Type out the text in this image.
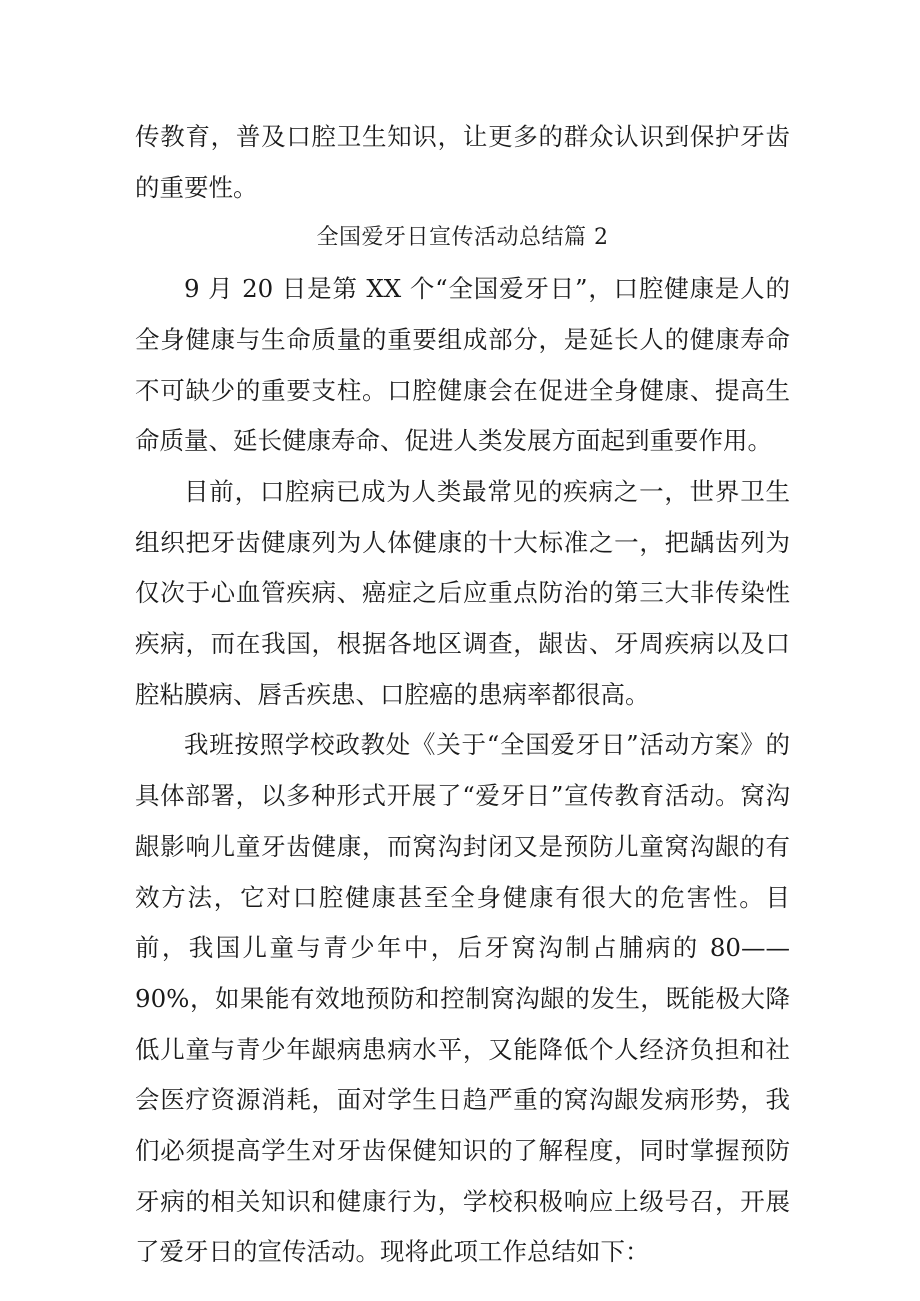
传教育，普及口腔卫生知识，让更多的群众认识到保护牙齿的重要性。

全国爱牙日宣传活动总结篇 2

9 月 20 日是第 XX 个“全国爱牙日”，口腔健康是人的全身健康与生命质量的重要组成部分，是延长人的健康寿命不可缺少的重要支柱。口腔健康会在促进全身健康、提高生命质量、延长健康寿命、促进人类发展方面起到重要作用。

目前，口腔病已成为人类最常见的疾病之一，世界卫生组织把牙齿健康列为人体健康的十大标准之一，把龋齿列为仅次于心血管疾病、癌症之后应重点防治的第三大非传染性疾病，而在我国，根据各地区调查，龈齿、牙周疾病以及口腔粘膜病、唇舌疾患、口腔癌的患病率都很高。

我班按照学校政教处《关于“全国爱牙日”活动方案》的具体部署，以多种形式开展了“爱牙日”宣传教育活动。窝沟龈影响儿童牙齿健康，而窝沟封闭又是预防儿童窝沟龈的有效方法，它对口腔健康甚至全身健康有很大的危害性。目前，我国儿童与青少年中，后牙窝沟制占脯病的 80——90%，如果能有效地预防和控制窝沟龈的发生，既能极大降低儿童与青少年龈病患病水平，又能降低个人经济负担和社会医疗资源消耗，面对学生日趋严重的窝沟龈发病形势，我们必须提高学生对牙齿保健知识的了解程度，同时掌握预防牙病的相关知识和健康行为，学校积极响应上级号召，开展了爱牙日的宣传活动。现将此项工作总结如下：
